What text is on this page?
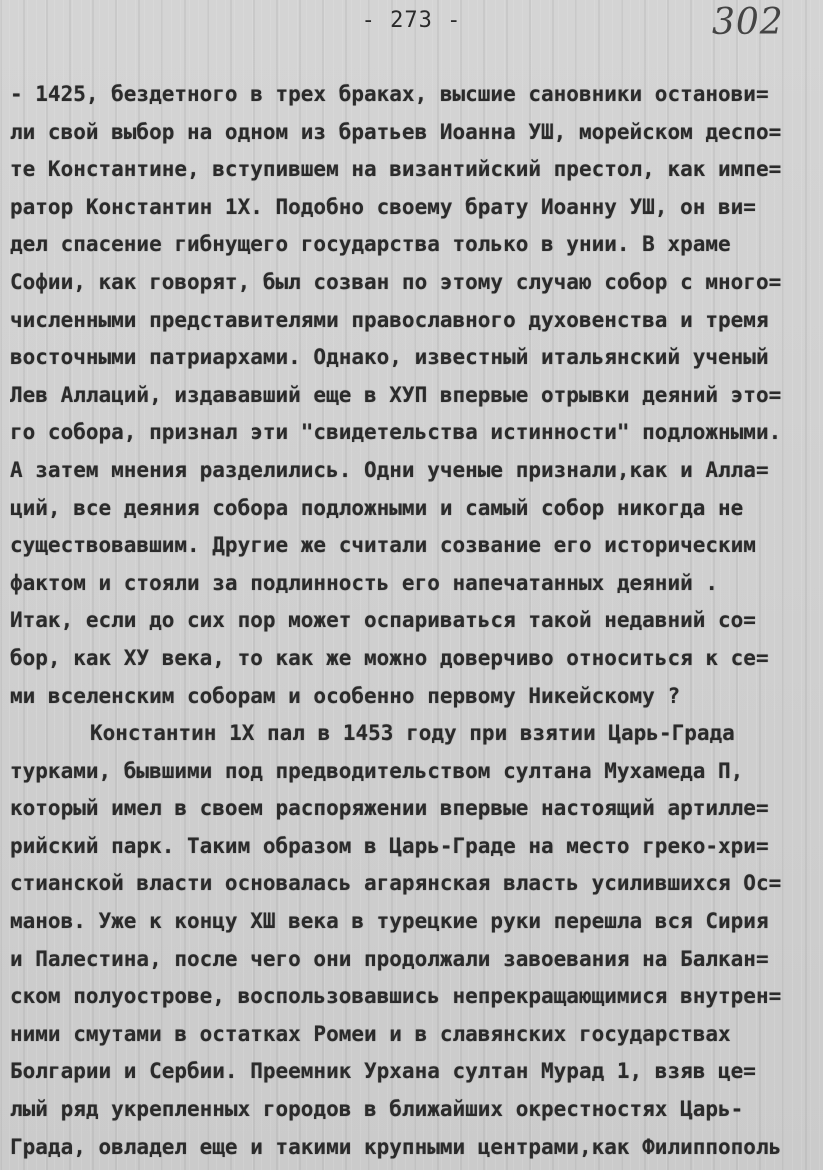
- 273 -	302
- 1425, бездетного в трех браках, высшие сановники останови=
ли свой выбор на одном из братьев Иоанна УШ, морейском деспо=
те Константине, вступившем на византийский престол, как импе=
ратор Константин 1Х. Подобно своему брату Иоанну УШ, он ви=
дел спасение гибнущего государства только в унии. В храме
Софии, как говорят, был созван по этому случаю собор с много=
численными представителями православного духовенства и тремя
восточными патриархами. Однако, известный итальянский ученый
Лев Аллаций, издававший еще в ХУП впервые отрывки деяний это=
го собора, признал эти "свидетельства истинности" подложными.
А затем мнения разделились. Одни ученые признали,как и Алла=
ций, все деяния собора подложными и самый собор никогда не
существовавшим. Другие же считали созвание его историческим
фактом и стояли за подлинность его напечатанных деяний .
Итак, если до сих пор может оспариваться такой недавний со=
бор, как ХУ века, то как же можно доверчиво относиться к се=
ми вселенским соборам и особенно первому Никейскому ?
Константин 1Х пал в 1453 году при взятии Царь-Града
турками, бывшими под предводительством султана Мухамеда П,
который имел в своем распоряжении впервые настоящий артилле=
рийский парк. Таким образом в Царь-Граде на место греко-хри=
стианской власти основалась агарянская власть усилившихся Ос=
манов. Уже к концу ХШ века в турецкие руки перешла вся Сирия
и Палестина, после чего они продолжали завоевания на Балкан=
ском полуострове, воспользовавшись непрекращающимися внутрен=
ними смутами в остатках Ромеи и в славянских государствах
Болгарии и Сербии. Преемник Урхана султан Мурад 1, взяв це=
лый ряд укрепленных городов в ближайших окрестностях Царь-
Града, овладел еще и такими крупными центрами,как Филиппополь
